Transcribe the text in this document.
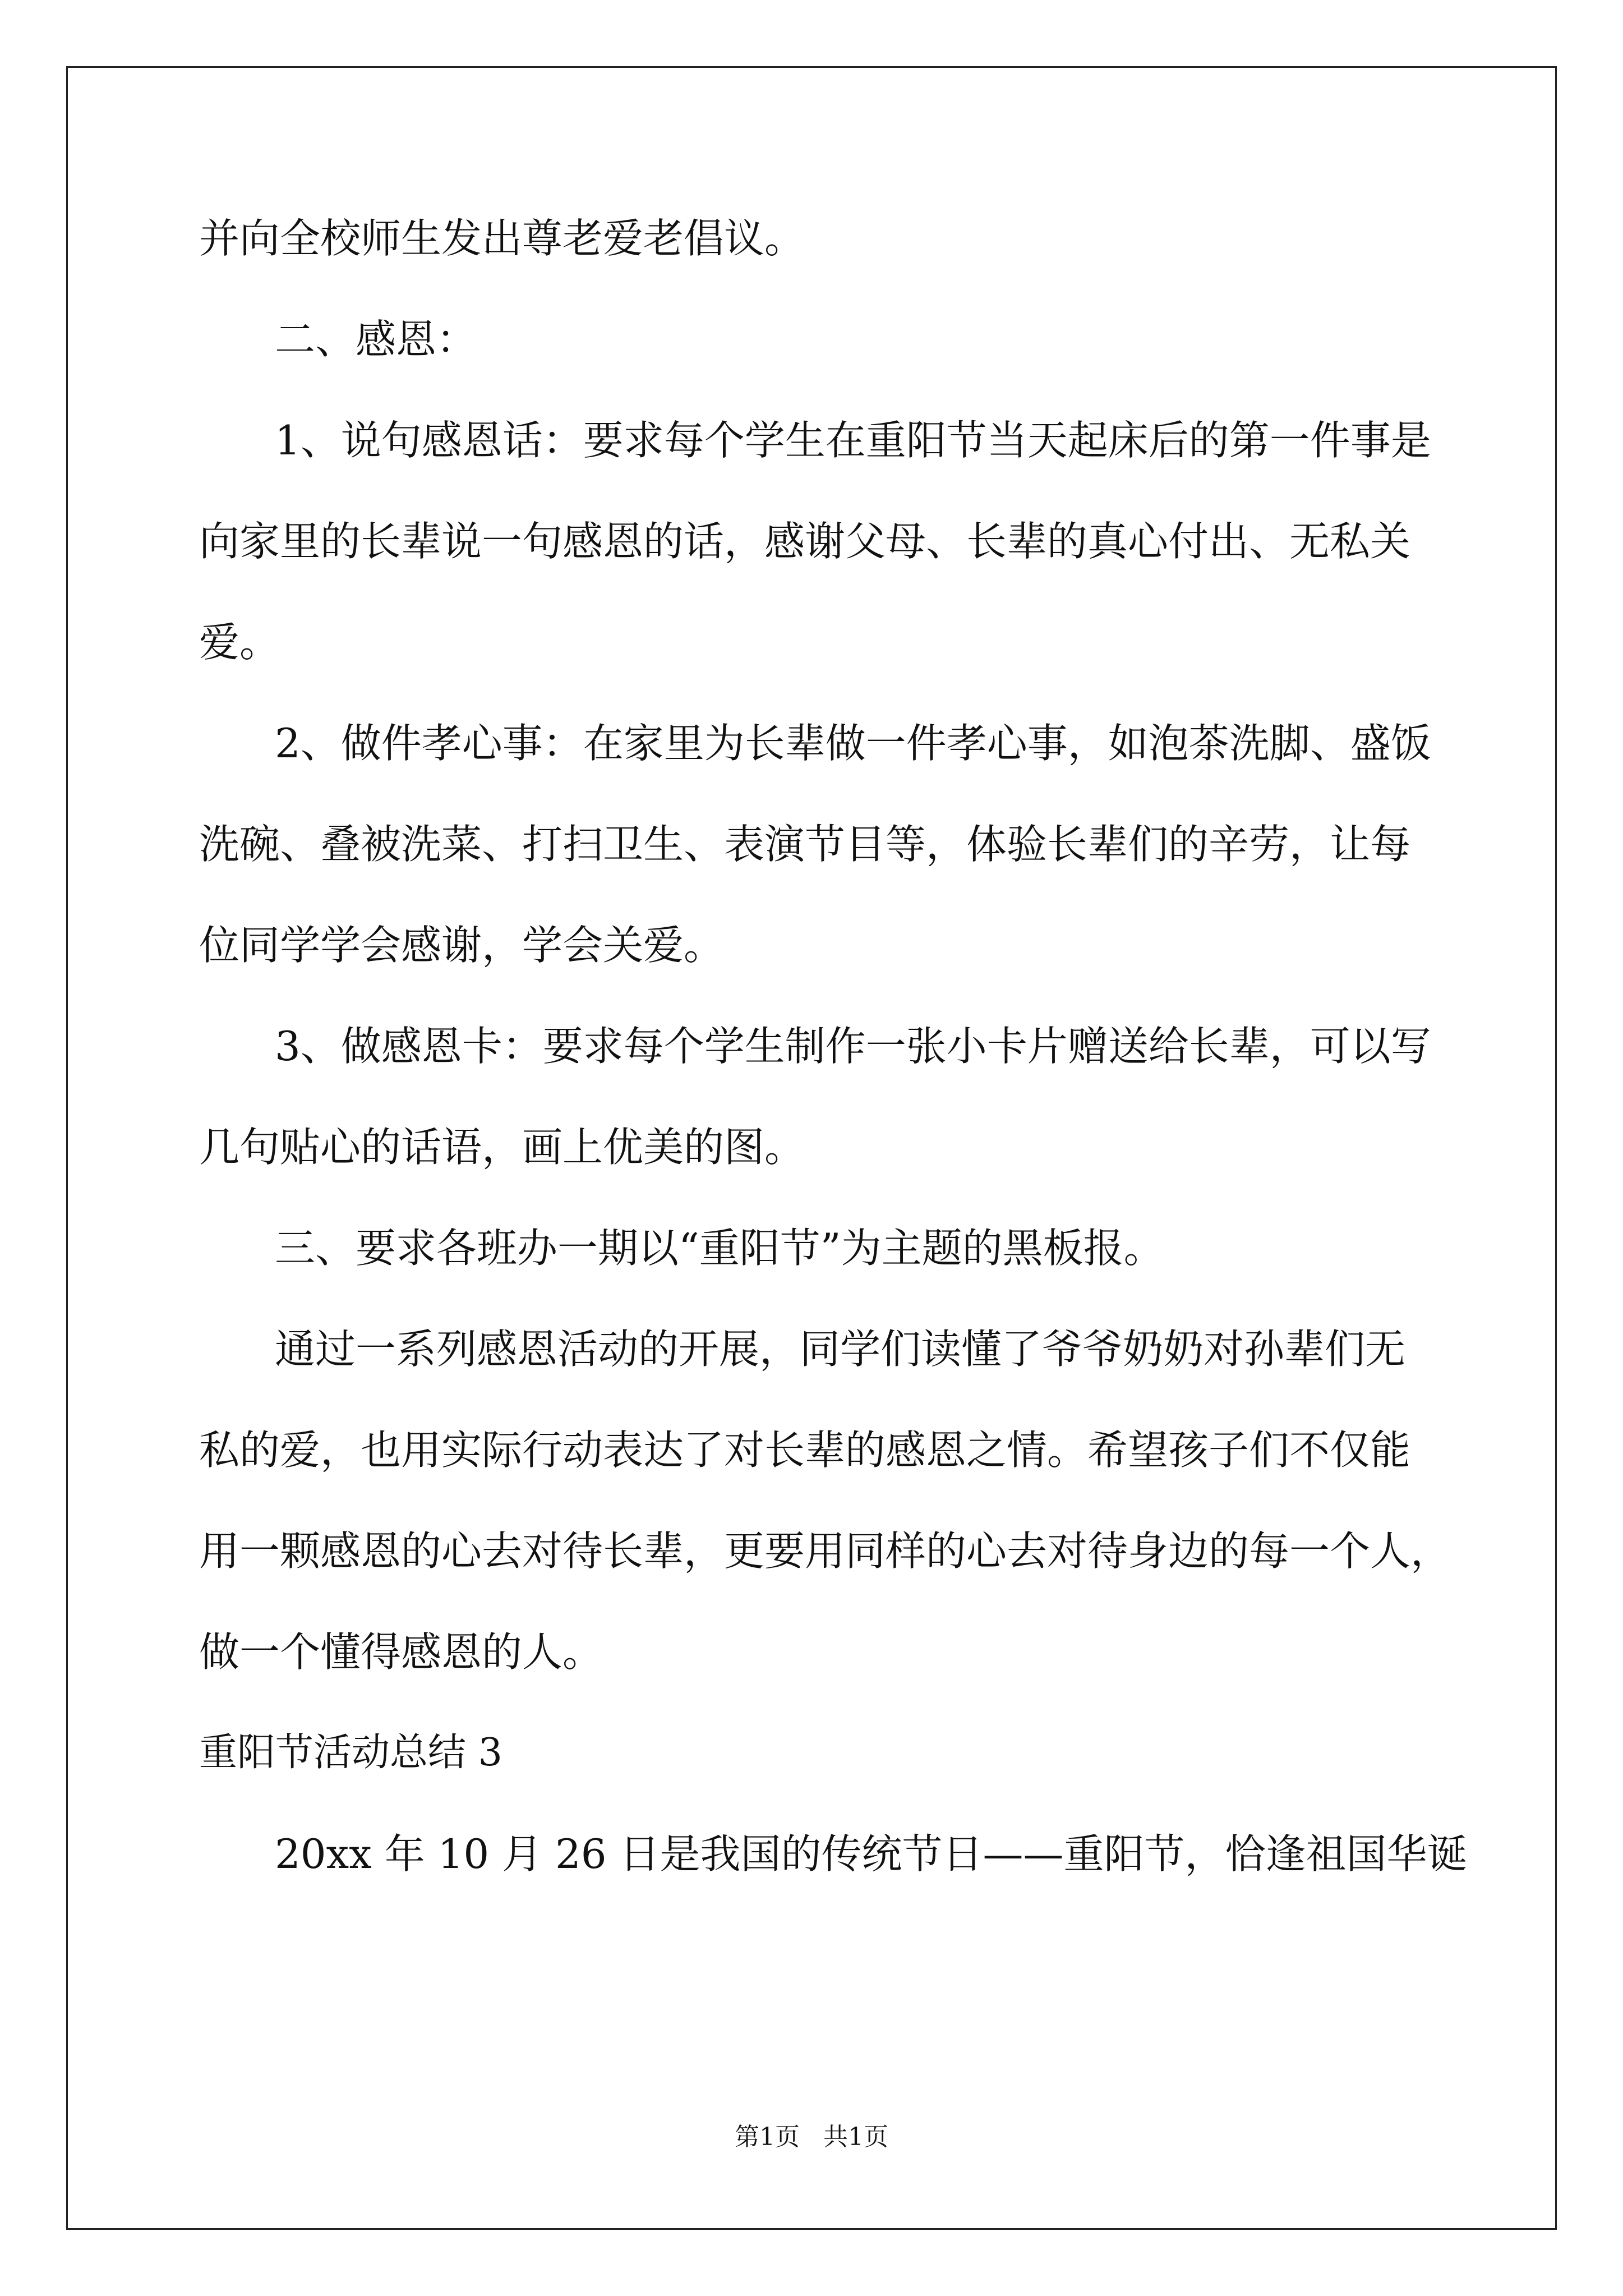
并向全校师生发出尊老爱老倡议。
二、感恩：
1、说句感恩话：要求每个学生在重阳节当天起床后的第一件事是
向家里的长辈说一句感恩的话，感谢父母、长辈的真心付出、无私关
爱。
2、做件孝心事：在家里为长辈做一件孝心事，如泡茶洗脚、盛饭
洗碗、叠被洗菜、打扫卫生、表演节目等，体验长辈们的辛劳，让每
位同学学会感谢，学会关爱。
3、做感恩卡：要求每个学生制作一张小卡片赠送给长辈，可以写
几句贴心的话语，画上优美的图。
三、要求各班办一期以“重阳节”为主题的黑板报。
通过一系列感恩活动的开展，同学们读懂了爷爷奶奶对孙辈们无
私的爱，也用实际行动表达了对长辈的感恩之情。希望孩子们不仅能
用一颗感恩的心去对待长辈，更要用同样的心去对待身边的每一个人，
做一个懂得感恩的人。
重阳节活动总结 3
20xx 年 10 月 26 日是我国的传统节日——重阳节，恰逢祖国华诞
第1页   共1页
